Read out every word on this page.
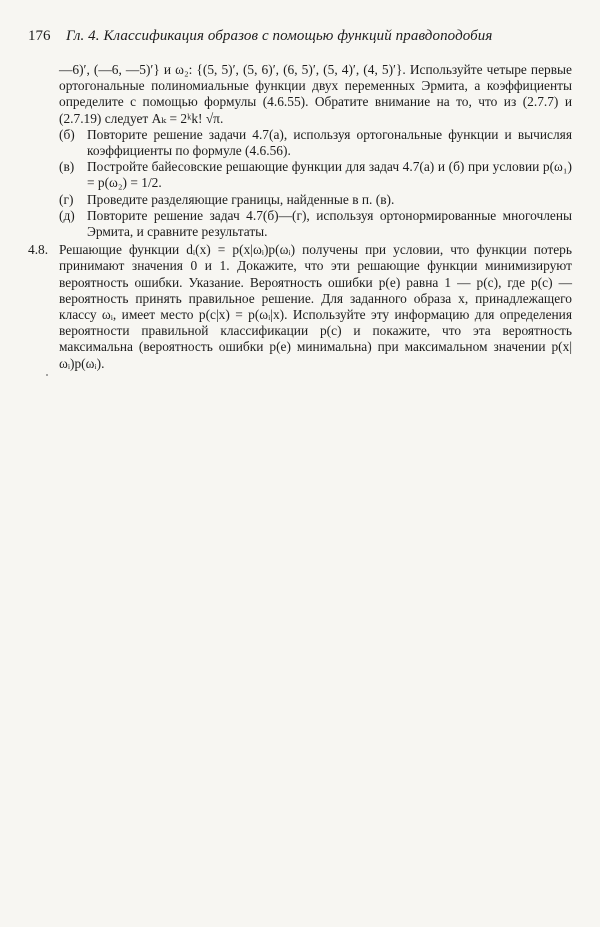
176 Гл. 4. Классификация образов с помощью функций правдоподобия

—6)′, (—6, —5)′} и ω₂: {(5, 5)′, (5, 6)′, (6, 5)′, (5, 4)′, (4, 5)′}. Используйте четыре первые ортогональные полиномиальные функции двух переменных Эрмита, а коэффициенты определите с помощью формулы (4.6.55). Обратите внимание на то, что из (2.7.7) и (2.7.19) следует Aₖ = 2ᵏk! √π.

(б) Повторите решение задачи 4.7(а), используя ортогональные функции и вычисляя коэффициенты по формуле (4.6.56).

(в) Постройте байесовские решающие функции для задач 4.7(а) и (б) при условии p(ω₁) = p(ω₂) = 1/2.

(г) Проведите разделяющие границы, найденные в п. (в).

(д) Повторите решение задач 4.7(б)—(г), используя ортонормированные многочлены Эрмита, и сравните результаты.

4.8. Решающие функции dᵢ(x) = p(x|ωᵢ)p(ωᵢ) получены при условии, что функции потерь принимают значения 0 и 1. Докажите, что эти решающие функции минимизируют вероятность ошибки. Указание. Вероятность ошибки p(e) равна 1 — p(c), где p(c) — вероятность принять правильное решение. Для заданного образа x, принадлежащего классу ωᵢ, имеет место p(c|x) = p(ωᵢ|x). Используйте эту информацию для определения вероятности правильной классификации p(c) и покажите, что эта вероятность максимальна (вероятность ошибки p(e) минимальна) при максимальном значении p(x|ωᵢ)p(ωᵢ).
